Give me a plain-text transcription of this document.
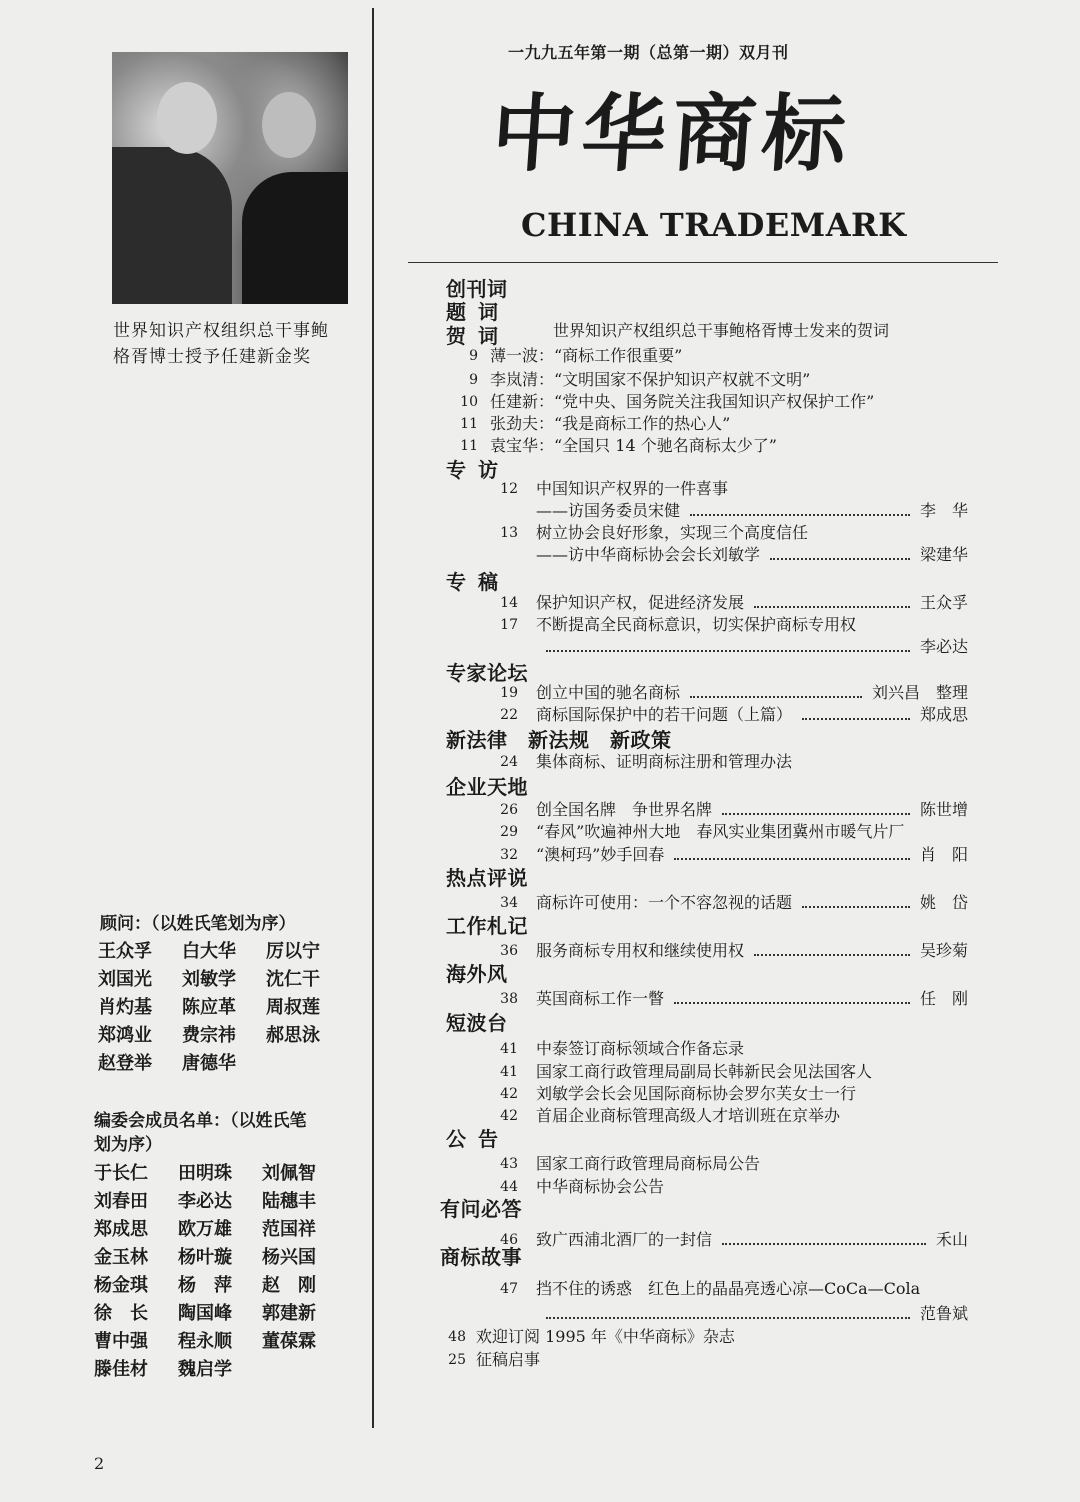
世界知识产权组织总干事鲍
格胥博士授予任建新金奖
一九九五年第一期（总第一期）双月刊
中华商标
CHINA TRADEMARK
创刊词
题词
贺词	世界知识产权组织总干事鲍格胥博士发来的贺词
9 薄一波：“商标工作很重要”
9 李岚清：“文明国家不保护知识产权就不文明”
10 任建新：“党中央、国务院关注我国知识产权保护工作”
11 张劲夫：“我是商标工作的热心人”
11 袁宝华：“全国只 14 个驰名商标太少了”
专访
12 中国知识产权界的一件喜事
——访国务委员宋健	李　华
13 树立协会良好形象，实现三个高度信任
——访中华商标协会会长刘敏学	梁建华
专稿
14 保护知识产权，促进经济发展	王众孚
17 不断提高全民商标意识，切实保护商标专用权
李必达
专家论坛
19 创立中国的驰名商标	刘兴昌　整理
22 商标国际保护中的若干问题（上篇）	郑成思
新法律　新法规　新政策
24 集体商标、证明商标注册和管理办法
企业天地
26 创全国名牌　争世界名牌	陈世增
29 “春风”吹遍神州大地　春风实业集团冀州市暖气片厂
32 “澳柯玛”妙手回春	肖　阳
热点评说
34 商标许可使用：一个不容忽视的话题	姚　岱
工作札记
36 服务商标专用权和继续使用权	吴珍菊
海外风
38 英国商标工作一瞥	任　刚
短波台
41 中泰签订商标领域合作备忘录
41 国家工商行政管理局副局长韩新民会见法国客人
42 刘敏学会长会见国际商标协会罗尔芙女士一行
42 首届企业商标管理高级人才培训班在京举办
公告
43 国家工商行政管理局商标局公告
44 中华商标协会公告
有问必答
46 致广西浦北酒厂的一封信	禾山
商标故事
47 挡不住的诱惑　红色上的晶晶亮透心凉—CoCa—Cola
范鲁斌
48 欢迎订阅 1995 年《中华商标》杂志
25 征稿启事
顾问：（以姓氏笔划为序）
王众孚	白大华	厉以宁
刘国光	刘敏学	沈仁干
肖灼基	陈应革	周叔莲
郑鸿业	费宗祎	郝思泳
赵登举	唐德华
编委会成员名单：（以姓氏笔
划为序）
于长仁	田明珠	刘佩智
刘春田	李必达	陆穗丰
郑成思	欧万雄	范国祥
金玉林	杨叶璇	杨兴国
杨金琪	杨　萍	赵　刚
徐　长	陶国峰	郭建新
曹中强	程永顺	董葆霖
滕佳材	魏启学
2
